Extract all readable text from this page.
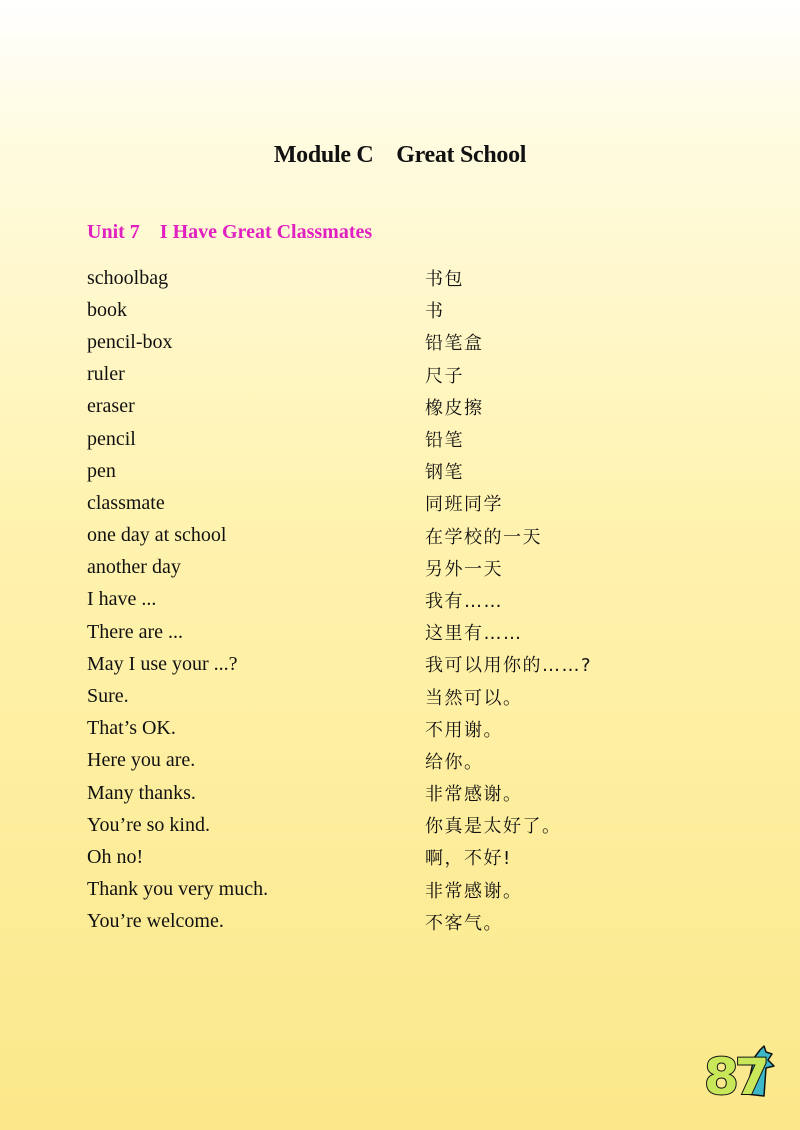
Module C    Great School
Unit 7    I Have Great Classmates
schoolbag	书包
book	书
pencil-box	铅笔盒
ruler	尺子
eraser	橡皮擦
pencil	铅笔
pen	钢笔
classmate	同班同学
one day at school	在学校的一天
another day	另外一天
I have ...	我有……
There are ...	这里有……
May I use your ...?	我可以用你的……?
Sure.	当然可以。
That’s OK.	不用谢。
Here you are.	给你。
Many thanks.	非常感谢。
You’re so kind.	你真是太好了。
Oh no!	啊，不好!
Thank you very much.	非常感谢。
You’re welcome.	不客气。
87
